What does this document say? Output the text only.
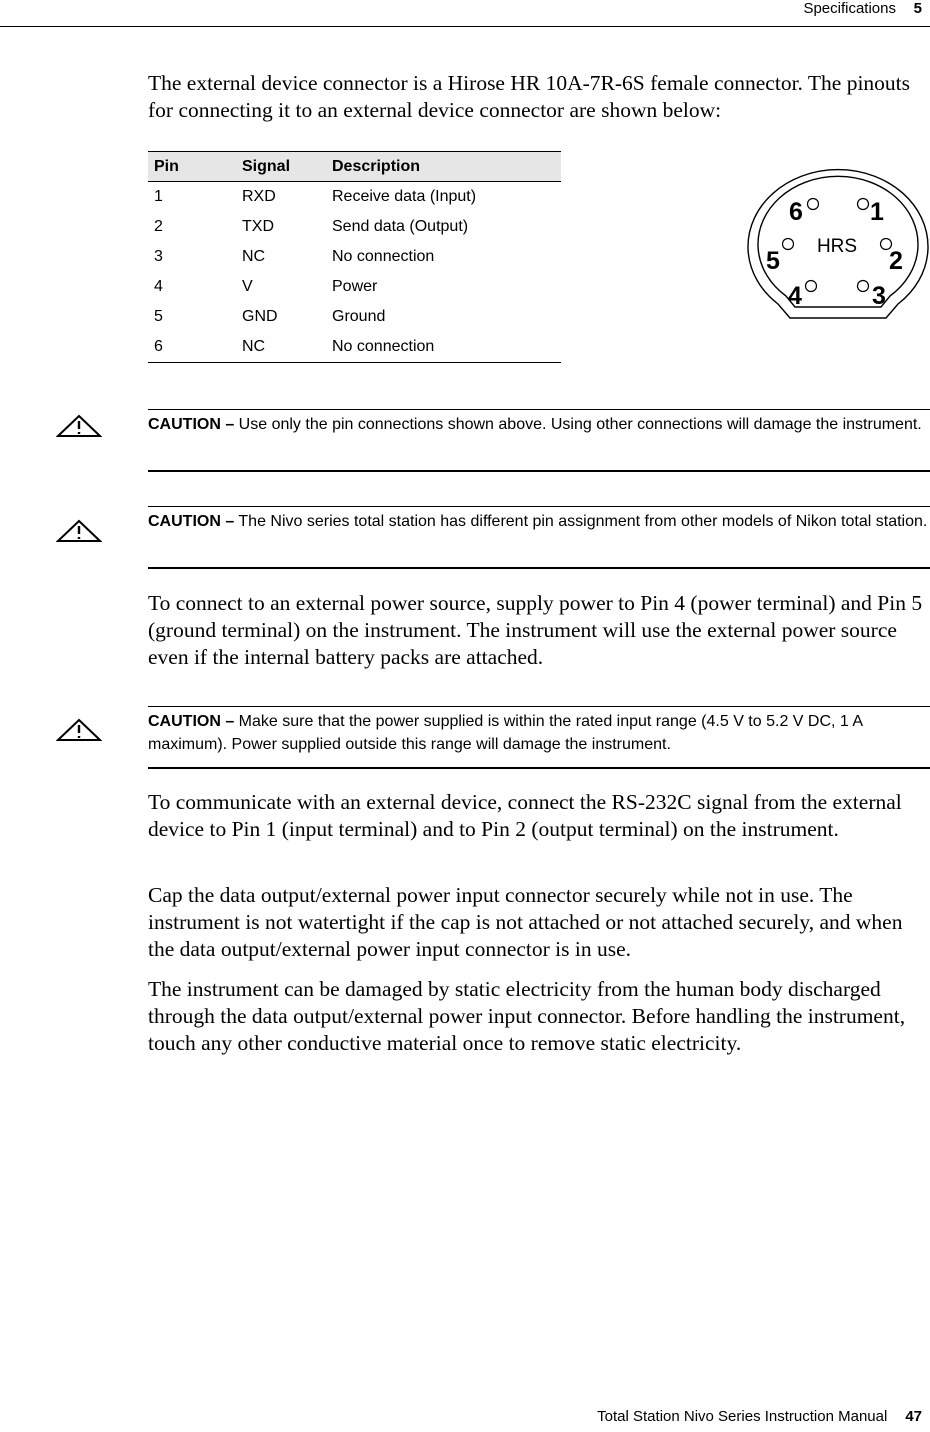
Specifications 5

The external device connector is a Hirose HR 10A-7R-6S female connector. The pinouts for connecting it to an external device connector are shown below:

Pin	Signal	Description
1	RXD	Receive data (Input)
2	TXD	Send data (Output)
3	NC	No connection
4	V	Power
5	GND	Ground
6	NC	No connection
HRS
6	1
5	2
4	3
CAUTION – Use only the pin connections shown above. Using other connections will damage the instrument.
CAUTION – The Nivo series total station has different pin assignment from other models of Nikon total station.

To connect to an external power source, supply power to Pin 4 (power terminal) and Pin 5 (ground terminal) on the instrument. The instrument will use the external power source even if the internal battery packs are attached.

CAUTION – Make sure that the power supplied is within the rated input range (4.5 V to 5.2 V DC, 1 A maximum). Power supplied outside this range will damage the instrument.

To communicate with an external device, connect the RS-232C signal from the external device to Pin 1 (input terminal) and to Pin 2 (output terminal) on the instrument.

Cap the data output/external power input connector securely while not in use. The instrument is not watertight if the cap is not attached or not attached securely, and when the data output/external power input connector is in use.

The instrument can be damaged by static electricity from the human body discharged through the data output/external power input connector. Before handling the instrument, touch any other conductive material once to remove static electricity.

Total Station Nivo Series Instruction Manual 47
